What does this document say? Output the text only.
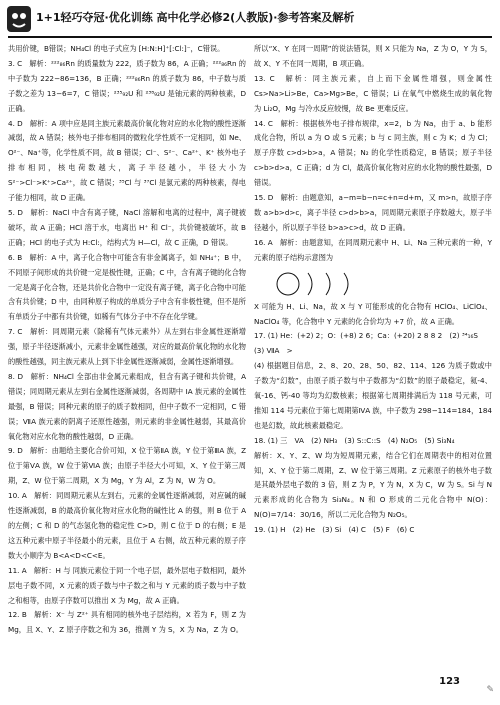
1+1轻巧夺冠·优化训练 高中化学必修2(人教版)·参考答案及解析

共用价键，B错误；NH₄Cl 的电子式应为 [H:N:H]⁺[:Cl:]⁻，C错误。

3. C　解析：²²²₈₆Rn 的质量数为 222，质子数为 86，A 正确；²²²₈₆Rn 的中子数为 222−86=136，B 正确；²²²₈₆Rn 的质子数为 86，中子数与质子数之差为 13−6=7，C 错误；²³⁵₉₂U 和 ²³⁸₉₂U 是铀元素的两种核素，D 正确。

4. D　解析：A 项中应是同主族元素最高价氧化物对应的水化物的酸性逐渐减弱，故 A 错误；核外电子排布相同的微粒化学性质不一定相同，如 Ne、O²⁻、Na⁺等，化学性质不同，故 B 错误；Cl⁻、S²⁻、Ca²⁺、K⁺ 核外电子排布相同，核电荷数越大，离子半径越小，半径大小为 S²⁻>Cl⁻>K⁺>Ca²⁺，故 C 错误；³⁵Cl 与 ³⁷Cl 是氯元素的两种核素，得电子能力相同，故 D 正确。

5. D　解析：NaCl 中含有离子键，NaCl 溶解和电离的过程中，离子键被破坏，故 A 正确；HCl 溶于水，电离出 H⁺ 和 Cl⁻，共价键被破坏，故 B 正确；HCl 的电子式为 H:Cl:，结构式为 H—Cl，故 C 正确，D 错误。

6. B　解析：A 中，离子化合物中可能含有非金属离子，如 NH₄⁺；B 中，不同原子间形成的共价键一定是极性键，正确；C 中，含有离子键的化合物一定是离子化合物，还是共价化合物中一定没有离子键，离子化合物中可能含有共价键；D 中，由同种原子构成的单质分子中含有非极性键，但不是所有单质分子中都有共价键，如稀有气体分子中不存在化学键。

7. C　解析：同周期元素（除稀有气体元素外）从左到右非金属性逐渐增强，原子半径逐渐减小，元素非金属性越强，对应的最高价氧化物的水化物的酸性越强，同主族元素从上到下非金属性逐渐减弱，金属性逐渐增强。

8. D　解析：NH₄Cl 全部由非金属元素组成，但含有离子键和共价键，A 错误；同周期元素从左到右金属性逐渐减弱，各周期中 IA 族元素的金属性最强，B 错误；同种元素的原子的质子数相同，但中子数不一定相同，C 错误；ⅦA 族元素的阴离子还原性越强，则元素的非金属性越弱，其最高价氧化物对应水化物的酸性越弱，D 正确。

9. D　解析：由题给主要化合价可知，X 位于第ⅡA 族，Y 位于第ⅢA 族，Z 位于第ⅤA 族，W 位于第ⅥA 族；由原子半径大小可知，X、Y 位于第三周期，Z、W 位于第二周期，X 为 Mg，Y 为 Al，Z 为 N，W 为 O。

10. A　解析：同周期元素从左到右，元素的金属性逐渐减弱，对应碱的碱性逐渐减弱，B 的最高价氧化物对应水化物的碱性比 A 的强，则 B 位于 A 的左侧；C 和 D 的气态氢化物的稳定性 C>D，则 C 位于 D 的右侧；E 是这五种元素中原子半径最小的元素，且位于 A 右侧，故五种元素的原子序数大小顺序为 B<A<D<C<E。

11. A　解析：H 与 同族元素位于同一个电子层，最外层电子数相同，最外层电子数不同，X 元素的质子数与中子数之和与 Y 元素的质子数与中子数之和相等，由原子序数可以推出 X 为 Mg，故 A 正确。

12. B　解析：X⁻ 与 Z²⁺ 具有相同的核外电子层结构，X 若为 F，则 Z 为 Mg，且 X、Y、Z 原子序数之和为 36，推测 Y 为 S，X 为 Na，Z 为 O。

所以“X、Y 在同一周期”的说法错误，则 X 只能为 Na，Z 为 O，Y 为 S，故 X、Y 不在同一周期，B 项正确。

13. C　解析：同主族元素，自上而下金属性增强，则金属性 Cs>Na>Li>Be，Ca>Mg>Be，C 错误；Li 在氧气中燃烧生成的氧化物为 Li₂O，Mg 与冷水反应较慢，故 Be 更难反应。

14. C　解析：根据核外电子排布规律，x=2，b 为 Na，由于 a、b 能形成化合物，所以 a 为 O 或 S 元素；b 与 c 同主族，则 c 为 K；d 为 Cl；原子序数 c>d>b>a，A 错误；N₂ 的化学性质稳定，B 错误；原子半径 c>b>d>a，C 正确；d 为 Cl，最高价氧化物对应的水化物的酸性最强，D 错误。

15. D　解析：由题意知，a−m=b−n=c+n=d+m，又 m>n，故原子序数 a>b>d>c，离子半径 c>d>b>a，同周期元素原子序数越大，原子半径越小，所以原子半径 b>a>c>d，故 D 正确。

16. A　解析：由题意知，在同周期元素中 H、Li、Na 三种元素的一种，Y 元素的原子结构示意图为

X 可能为 H、Li、Na，故 X 与 Y 可能形成的化合物有 HClO₄、LiClO₄、NaClO₄ 等，化合物中 Y 元素的化合价均为 +7 价，故 A 正确。

17. (1) He：(+2) 2；O：(+8) 2 6；Ca：(+20) 2 8 8 2　(2) ³⁴₁₆S

(3) ⅦA　>

(4) 根据题目信息，2、8、20、28、50、82、114、126 为质子数或中子数为“幻数”，由原子质子数与中子数都为“幻数”的原子最稳定，氦-4、氧-16、钙-40 等均为幻数核素；根据第七周期排满后为 118 号元素，可推知 114 号元素位于第七周期第ⅣA 族，中子数为 298−114=184，184 也是幻数，故此核素最稳定。

18. (1) 三　VA　(2) NH₃　(3) S::C::S　(4) N₂O₅　(5) Si₃N₄

解析：X、Y、Z、W 均为短周期元素，结合它们在周期表中的相对位置知，X、Y 位于第二周期，Z、W 位于第三周期。Z 元素原子的核外电子数是其最外层电子数的 3 倍，则 Z 为 P，Y 为 N，X 为 C，W 为 S。Si 与 N 元素形成的化合物为 Si₃N₄。N 和 O 形成的二元化合物中 N(O)：N(O)=7/14：30/16，所以二元化合物为 N₂O₅。

19. (1) H　(2) He　(3) Si　(4) C　(5) F　(6) C

123
✎
